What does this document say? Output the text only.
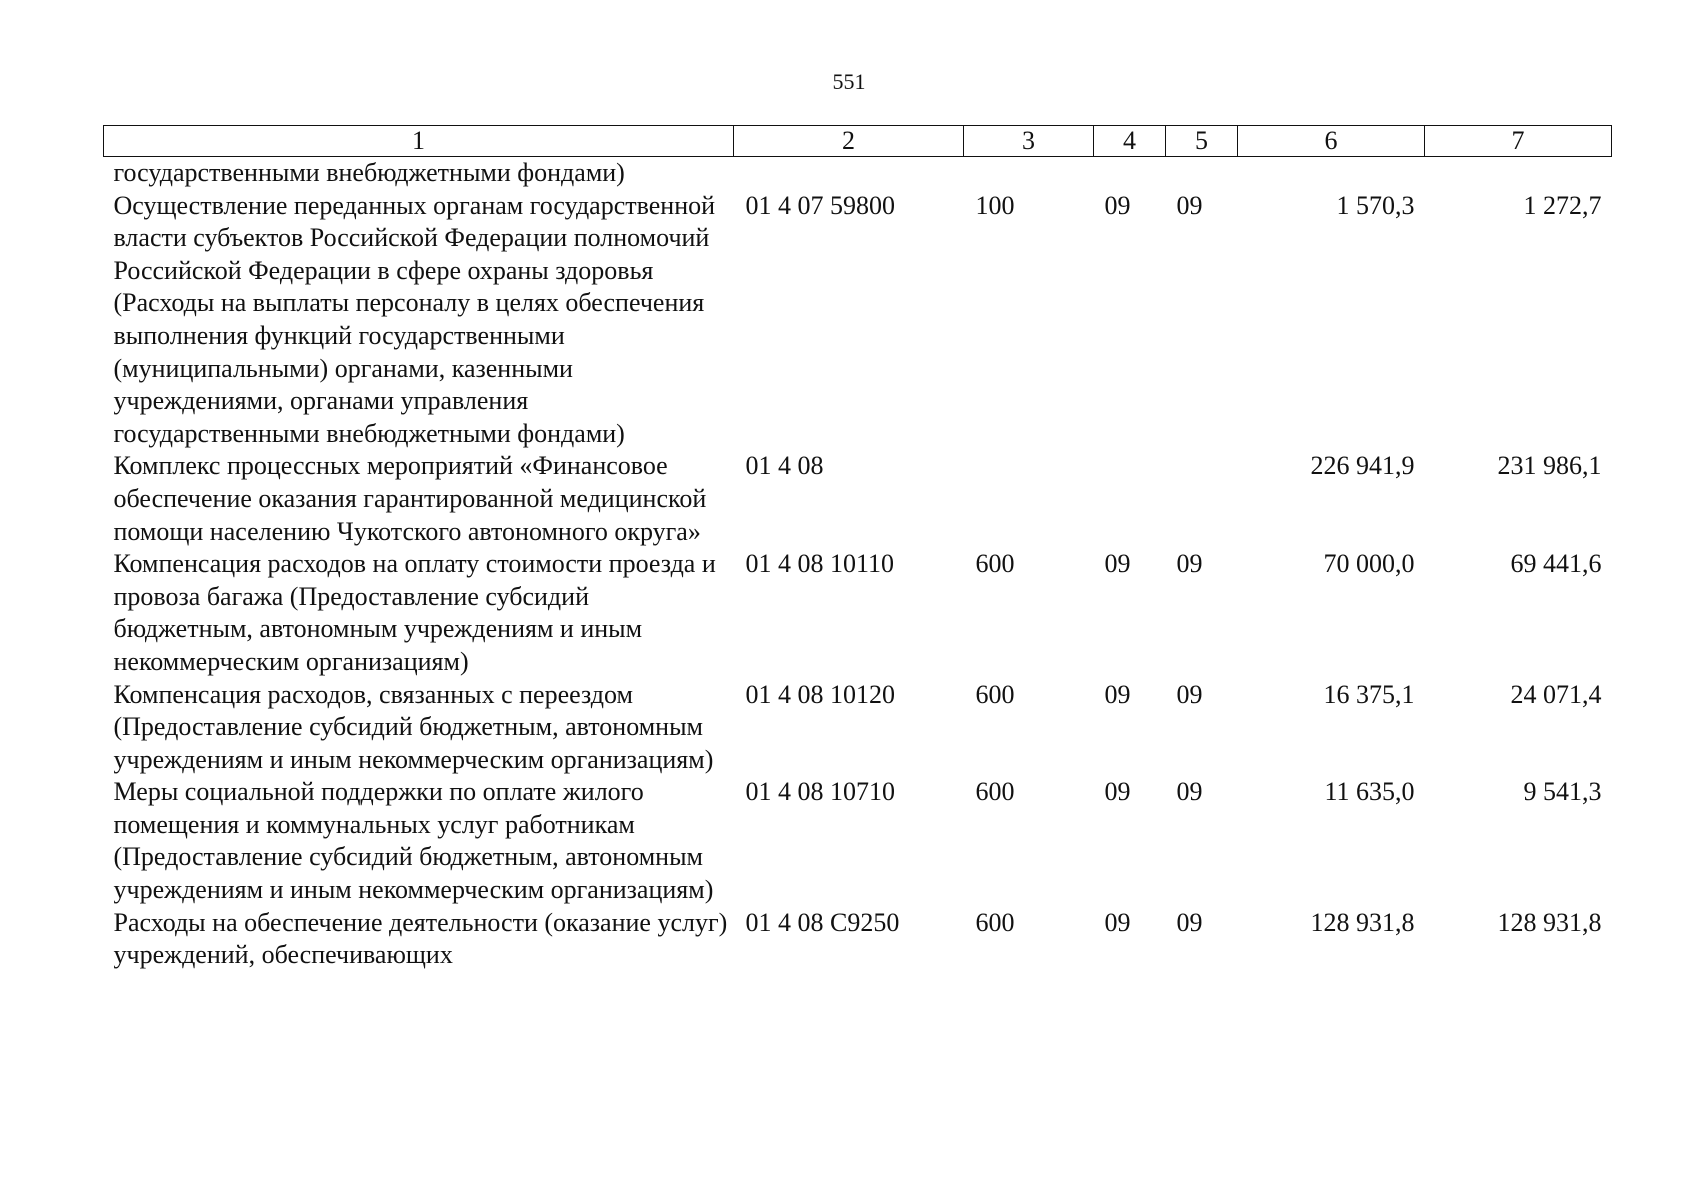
551
1	2	3	4	5	6	7
государственными внебюджетными фондами)						
Осуществление переданных органам государственной власти субъектов Российской Федерации полномочий Российской Федерации в сфере охраны здоровья (Расходы на выплаты персоналу в целях обеспечения выполнения функций государственными (муниципальными) органами, казенными учреждениями, органами управления государственными внебюджетными фондами)	01 4 07 59800	100	09	09	1 570,3	1 272,7
Комплекс процессных мероприятий «Финансовое обеспечение оказания гарантированной медицинской помощи населению Чукотского автономного округа»	01 4 08				226 941,9	231 986,1
Компенсация расходов на оплату стоимости проезда и провоза багажа (Предоставление субсидий бюджетным, автономным учреждениям и иным некоммерческим организациям)	01 4 08 10110	600	09	09	70 000,0	69 441,6
Компенсация расходов, связанных с переездом (Предоставление субсидий бюджетным, автономным учреждениям и иным некоммерческим организациям)	01 4 08 10120	600	09	09	16 375,1	24 071,4
Меры социальной поддержки по оплате жилого помещения и коммунальных услуг работникам (Предоставление субсидий бюджетным, автономным учреждениям и иным некоммерческим организациям)	01 4 08 10710	600	09	09	11 635,0	9 541,3
Расходы на обеспечение деятельности (оказание услуг) учреждений, обеспечивающих	01 4 08 С9250	600	09	09	128 931,8	128 931,8
